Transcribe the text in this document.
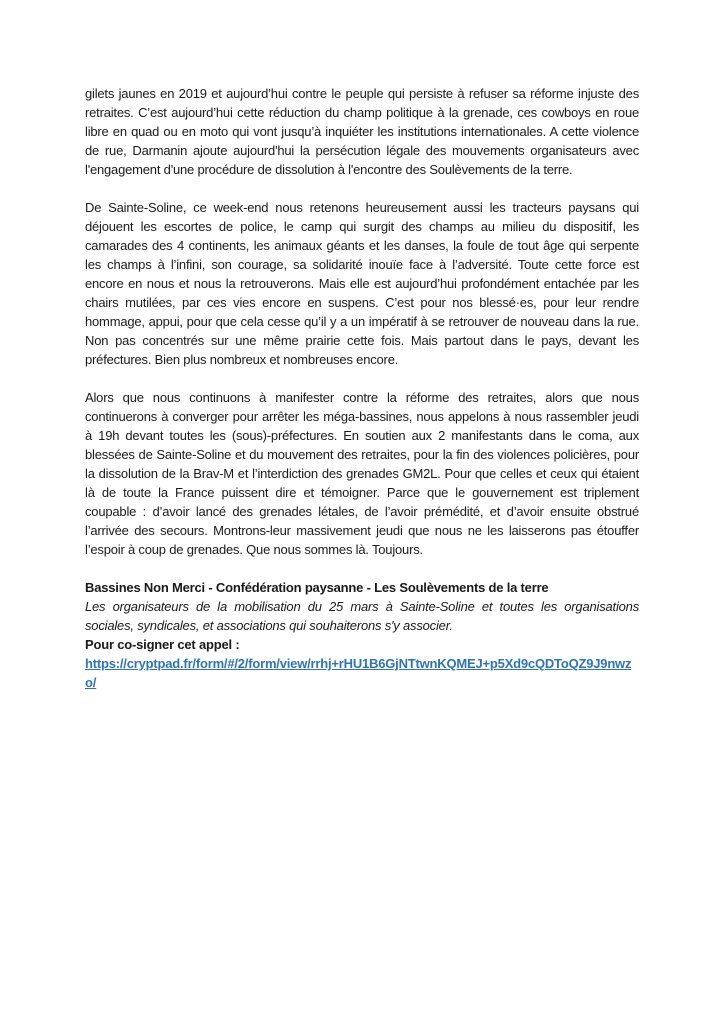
gilets jaunes en 2019 et aujourd’hui contre le peuple qui persiste à refuser sa réforme injuste des retraites. C’est aujourd’hui cette réduction du champ politique à la grenade, ces cowboys en roue libre en quad ou en moto qui vont jusqu’à inquiéter les institutions internationales. A cette violence de rue, Darmanin ajoute aujourd'hui la persécution légale des mouvements organisateurs avec l'engagement d'une procédure de dissolution à l'encontre des Soulèvements de la terre.

De Sainte-Soline, ce week-end nous retenons heureusement aussi les tracteurs paysans qui déjouent les escortes de police, le camp qui surgit des champs au milieu du dispositif, les camarades des 4 continents, les animaux géants et les danses, la foule de tout âge qui serpente les champs à l’infini, son courage, sa solidarité inouïe face à l’adversité. Toute cette force est encore en nous et nous la retrouverons. Mais elle est aujourd’hui profondément entachée par les chairs mutilées, par ces vies encore en suspens. C’est pour nos blessé·es, pour leur rendre hommage, appui, pour que cela cesse qu’il y a un impératif à se retrouver de nouveau dans la rue. Non pas concentrés sur une même prairie cette fois. Mais partout dans le pays, devant les préfectures. Bien plus nombreux et nombreuses encore.

Alors que nous continuons à manifester contre la réforme des retraites, alors que nous continuerons à converger pour arrêter les méga-bassines, nous appelons à nous rassembler jeudi à 19h devant toutes les (sous)-préfectures. En soutien aux 2 manifestants dans le coma, aux blessées de Sainte-Soline et du mouvement des retraites, pour la fin des violences policières, pour la dissolution de la Brav-M et l’interdiction des grenades GM2L. Pour que celles et ceux qui étaient là de toute la France puissent dire et témoigner. Parce que le gouvernement est triplement coupable : d’avoir lancé des grenades létales, de l’avoir prémédité, et d’avoir ensuite obstrué l’arrivée des secours. Montrons-leur massivement jeudi que nous ne les laisserons pas étouffer l’espoir à coup de grenades. Que nous sommes là. Toujours.

Bassines Non Merci - Confédération paysanne - Les Soulèvements de la terre
Les organisateurs de la mobilisation du 25 mars à Sainte-Soline et toutes les organisations sociales, syndicales, et associations qui souhaiterons s'y associer.
Pour co-signer cet appel :
https://cryptpad.fr/form/#/2/form/view/rrhj+rHU1B6GjNTtwnKQMEJ+p5Xd9cQDToQZ9J9nwzo/
